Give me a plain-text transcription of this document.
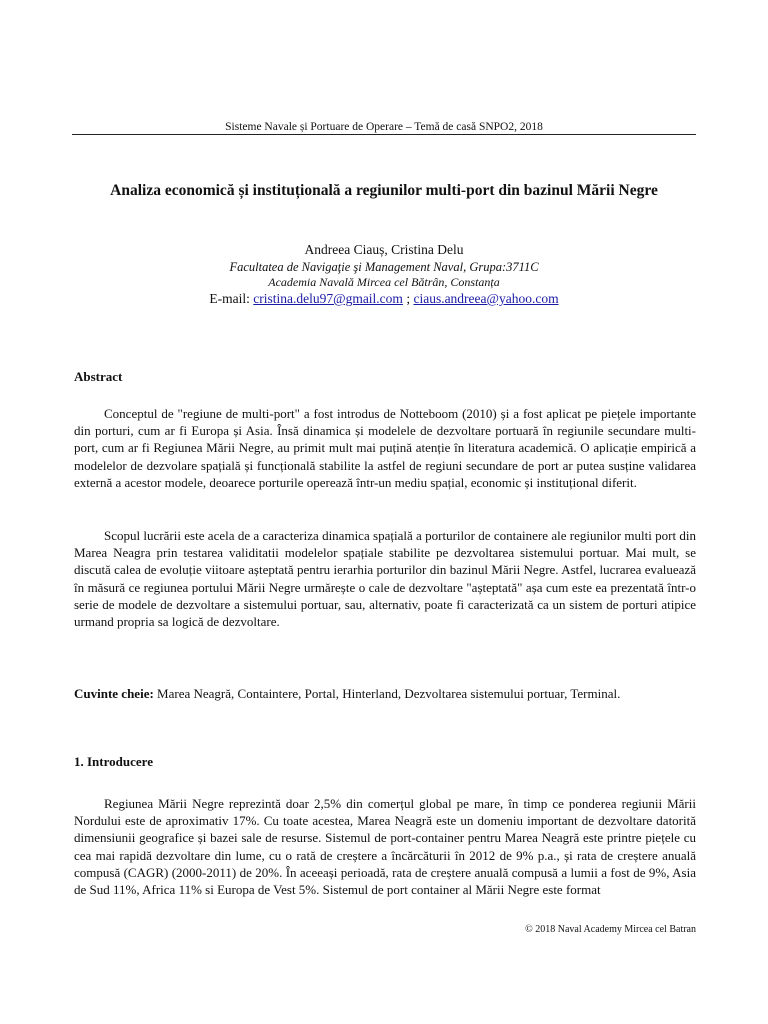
Sisteme Navale și Portuare de Operare – Temă de casă SNPO2, 2018
Analiza economică și instituțională a regiunilor multi-port din bazinul Mării Negre
Andreea Ciauș, Cristina Delu
Facultatea de Navigaţie şi Management Naval, Grupa:3711C
Academia Navală Mircea cel Bătrân, Constanța
E-mail: cristina.delu97@gmail.com ; ciaus.andreea@yahoo.com
Abstract
Conceptul de "regiune de multi-port" a fost introdus de Notteboom (2010) și a fost aplicat pe piețele importante din porturi, cum ar fi Europa și Asia. Însă dinamica și modelele de dezvoltare portuară în regiunile secundare multi-port, cum ar fi Regiunea Mării Negre, au primit mult mai puțină atenție în literatura academică. O aplicație empirică a modelelor de dezvolare spațială și funcțională stabilite la astfel de regiuni secundare de port ar putea susține validarea externă a acestor modele, deoarece porturile operează într-un mediu spațial, economic și instituțional diferit.
Scopul lucrării este acela de a caracteriza dinamica spațială a porturilor de containere ale regiunilor multi port din Marea Neagra prin testarea validitatii modelelor spațiale stabilite pe dezvoltarea sistemului portuar. Mai mult, se discută calea de evoluție viitoare așteptată pentru ierarhia porturilor din bazinul Mării Negre. Astfel, lucrarea evaluează în măsură ce regiunea portului Mării Negre urmărește o cale de dezvoltare "așteptată" așa cum este ea prezentată într-o serie de modele de dezvoltare a sistemului portuar, sau, alternativ, poate fi caracterizată ca un sistem de porturi atipice urmand propria sa logică de dezvoltare.
Cuvinte cheie: Marea Neagră, Containtere, Portal, Hinterland, Dezvoltarea sistemului portuar, Terminal.
1. Introducere
Regiunea Mării Negre reprezintă doar 2,5% din comerțul global pe mare, în timp ce ponderea regiunii Mării Nordului este de aproximativ 17%. Cu toate acestea, Marea Neagră este un domeniu important de dezvoltare datorită dimensiunii geografice și bazei sale de resurse. Sistemul de port-container pentru Marea Neagră este printre piețele cu cea mai rapidă dezvoltare din lume, cu o rată de creștere a încărcăturii în 2012 de 9% p.a., și rata de creștere anuală compusă (CAGR) (2000-2011) de 20%. În aceeași perioadă, rata de creștere anuală compusă a lumii a fost de 9%, Asia de Sud 11%, Africa 11% si Europa de Vest 5%. Sistemul de port container al Mării Negre este format
© 2018 Naval Academy Mircea cel Batran
